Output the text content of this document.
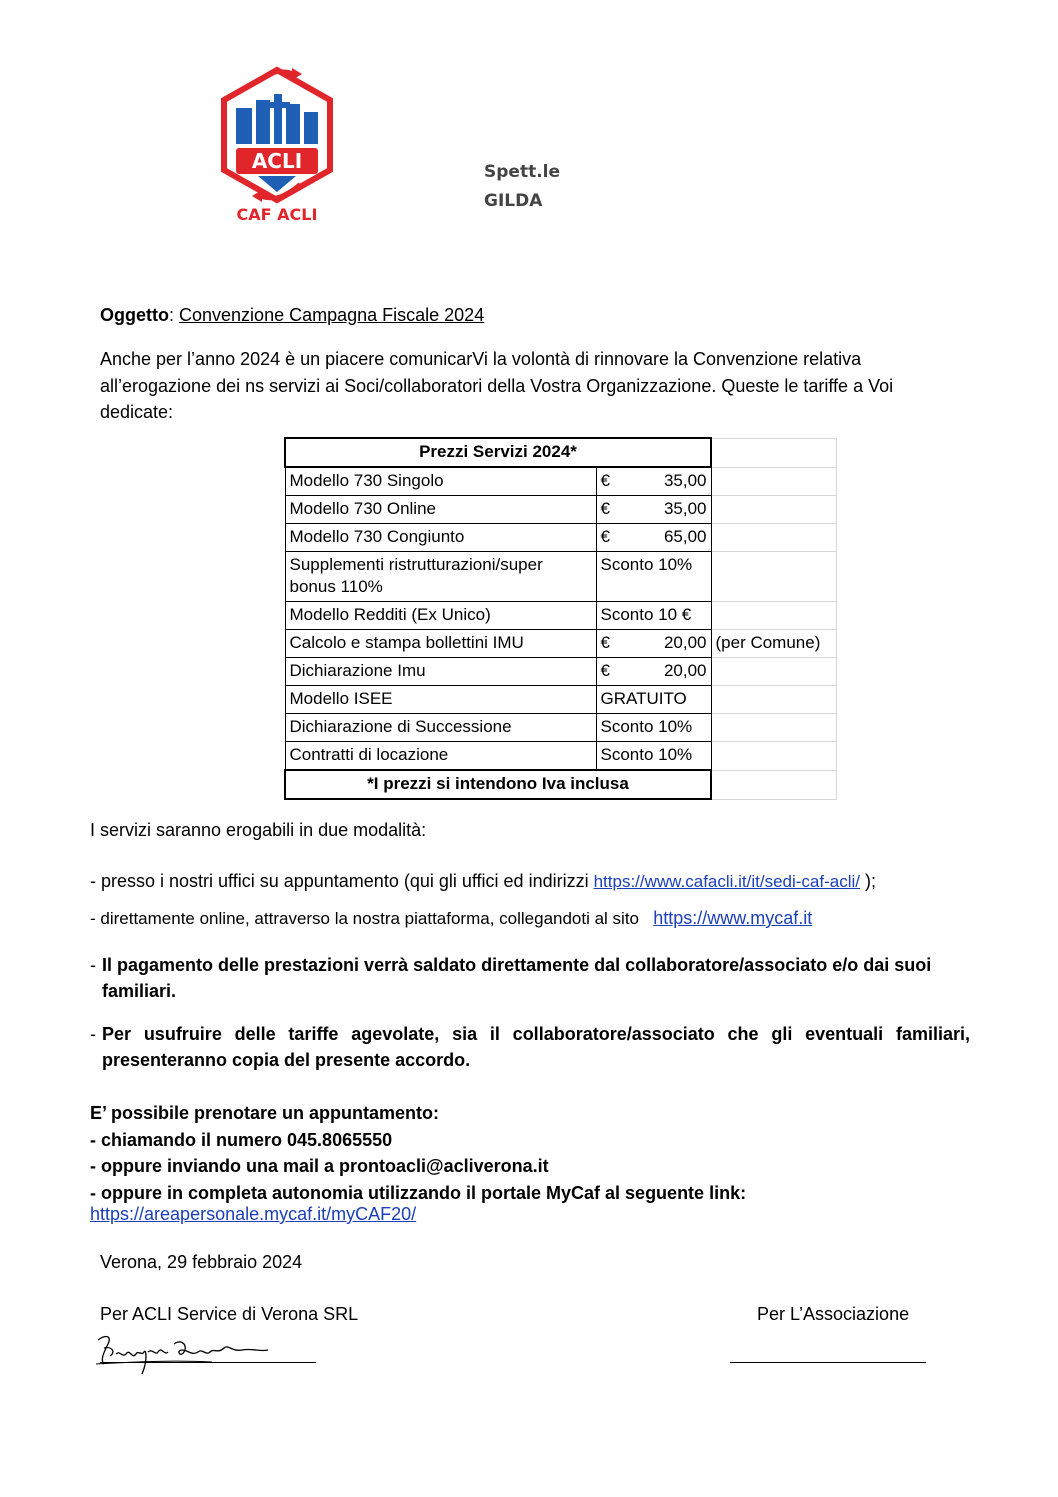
ACLI
CAF ACLI
Spett.le
GILDA
Oggetto: Convenzione Campagna Fiscale 2024
Anche per l’anno 2024 è un piacere comunicarVi la volontà di rinnovare la Convenzione relativa all’erogazione dei ns servizi ai Soci/collaboratori della Vostra Organizzazione. Queste le tariffe a Voi dedicate:
Prezzi Servizi 2024*		
Modello 730 Singolo	€ 35,00	

Modello 730 Online	€ 35,00	

Modello 730 Congiunto	€ 65,00	

Supplementi ristrutturazioni/super bonus 110%	Sconto 10%	
Modello Redditi (Ex Unico)	Sconto 10 €	
Calcolo e stampa bollettini IMU	€ 20,00	(per Comune)
Dichiarazione Imu	€ 20,00	

Modello ISEE	GRATUITO	
Dichiarazione di Successione	Sconto 10%	
Contratti di locazione	Sconto 10%	
*I prezzi si intendono Iva inclusa		
I servizi saranno erogabili in due modalità:
- presso i nostri uffici su appuntamento (qui gli uffici ed indirizzi https://www.cafacli.it/it/sedi-caf-acli/ );
- direttamente online, attraverso la nostra piattaforma, collegandoti al sito https://www.mycaf.it
- Il pagamento delle prestazioni verrà saldato direttamente dal collaboratore/associato e/o dai suoi familiari.
- Per usufruire delle tariffe agevolate, sia il collaboratore/associato che gli eventuali familiari, presenteranno copia del presente accordo.
E’ possibile prenotare un appuntamento:
- chiamando il numero 045.8065550
- oppure inviando una mail a prontoacli@acliverona.it
- oppure in completa autonomia utilizzando il portale MyCaf al seguente link:
https://areapersonale.mycaf.it/myCAF20/
Verona, 29 febbraio 2024
Per ACLI Service di Verona SRL	Per L’Associazione
